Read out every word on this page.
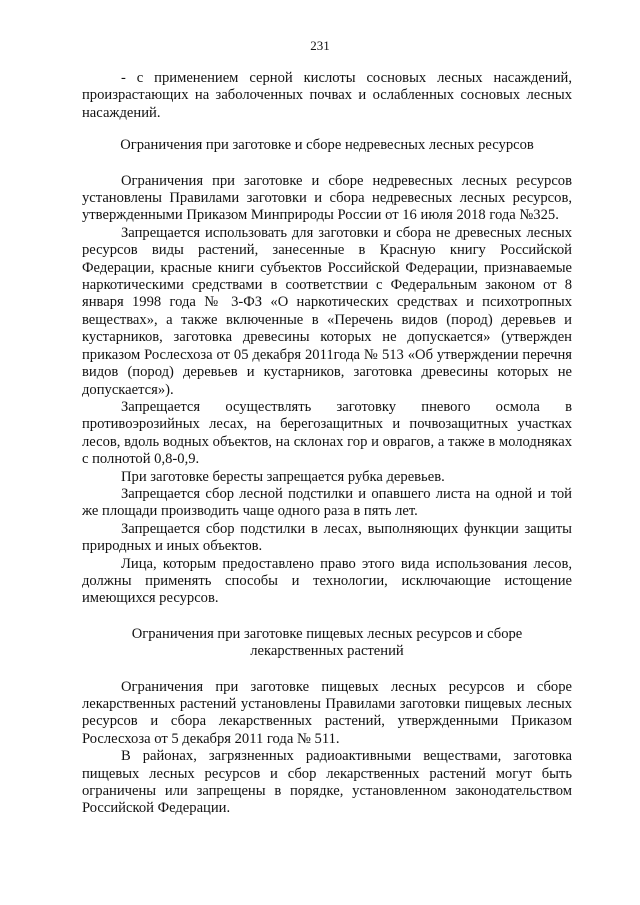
231

- с применением серной кислоты сосновых лесных насаждений, произрастающих на заболоченных почвах и ослабленных сосновых лесных насаждений.

Ограничения при заготовке и сборе недревесных лесных ресурсов

Ограничения при заготовке и сборе недревесных лесных ресурсов установлены Правилами заготовки и сбора недревесных лесных ресурсов, утвержденными Приказом Минприроды России от 16 июля 2018 года №325.

Запрещается использовать для заготовки и сбора не древесных лесных ресурсов виды растений, занесенные в Красную книгу Российской Федерации, красные книги субъектов Российской Федерации, признаваемые наркотическими средствами в соответствии с Федеральным законом от 8 января 1998 года № 3-ФЗ «О наркотических средствах и психотропных веществах», а также включенные в «Перечень видов (пород) деревьев и кустарников, заготовка древесины которых не допускается» (утвержден приказом Рослесхоза от 05 декабря 2011года № 513 «Об утверждении перечня видов (пород) деревьев и кустарников, заготовка древесины которых не допускается»).

Запрещается осуществлять заготовку пневого осмола в противоэрозийных лесах, на берегозащитных и почвозащитных участках лесов, вдоль водных объектов, на склонах гор и оврагов, а также в молодняках с полнотой 0,8-0,9.

При заготовке бересты запрещается рубка деревьев.

Запрещается сбор лесной подстилки и опавшего листа на одной и той же площади производить чаще одного раза в пять лет.

Запрещается сбор подстилки в лесах, выполняющих функции защиты природных и иных объектов.

Лица, которым предоставлено право этого вида использования лесов, должны применять способы и технологии, исключающие истощение имеющихся ресурсов.

Ограничения при заготовке пищевых лесных ресурсов и сборе

лекарственных растений

Ограничения при заготовке пищевых лесных ресурсов и сборе лекарственных растений установлены Правилами заготовки пищевых лесных ресурсов и сбора лекарственных растений, утвержденными Приказом Рослесхоза от 5 декабря 2011 года № 511.

В районах, загрязненных радиоактивными веществами, заготовка пищевых лесных ресурсов и сбор лекарственных растений могут быть ограничены или запрещены в порядке, установленном законодательством Российской Федерации.
